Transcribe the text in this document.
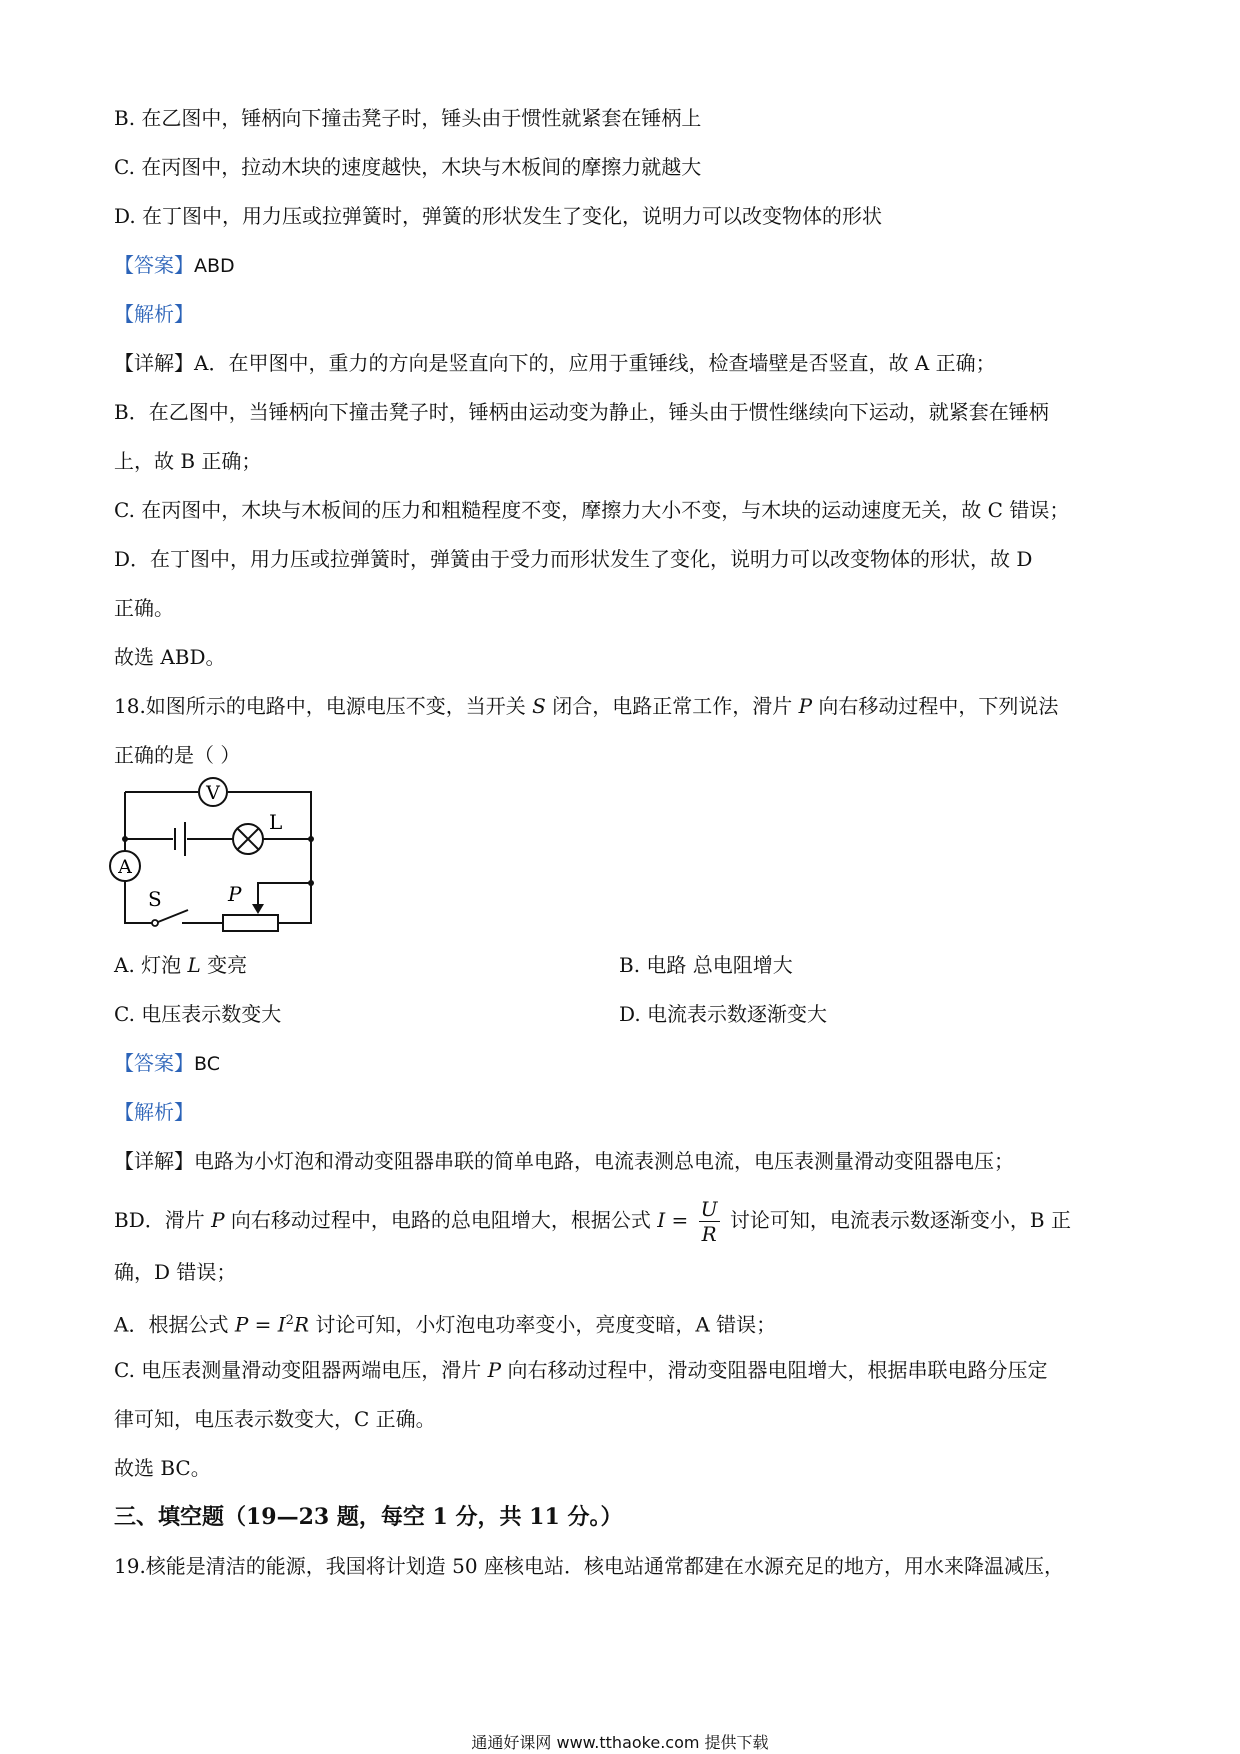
B. 在乙图中，锤柄向下撞击凳子时，锤头由于惯性就紧套在锤柄上
C. 在丙图中，拉动木块的速度越快，木块与木板间的摩擦力就越大
D. 在丁图中，用力压或拉弹簧时，弹簧的形状发生了变化，说明力可以改变物体的形状
【答案】ABD
【解析】
【详解】A．在甲图中，重力的方向是竖直向下的，应用于重锤线，检查墙壁是否竖直，故 A 正确；
B．在乙图中，当锤柄向下撞击凳子时，锤柄由运动变为静止，锤头由于惯性继续向下运动，就紧套在锤柄
上，故 B 正确；
C. 在丙图中，木块与木板间的压力和粗糙程度不变，摩擦力大小不变，与木块的运动速度无关，故 C 错误；
D．在丁图中，用力压或拉弹簧时，弹簧由于受力而形状发生了变化，说明力可以改变物体的形状，故 D
正确。
故选 ABD。
18.如图所示的电路中，电源电压不变，当开关 S 闭合，电路正常工作，滑片 P 向右移动过程中，下列说法
正确的是（ ）
V
L
A
S	P
A. 灯泡 L 变亮	B. 电路 总电阻增大
C. 电压表示数变大	D. 电流表示数逐渐变大
【答案】BC
【解析】
【详解】电路为小灯泡和滑动变阻器串联的简单电路，电流表测总电流，电压表测量滑动变阻器电压；
BD．滑片 P 向右移动过程中，电路的总电阻增大，根据公式 $I = \frac{U}{R}$ 讨论可知，电流表示数逐渐变小，B 正
确，D 错误；
A．根据公式 $P = I^2R$ 讨论可知，小灯泡电功率变小，亮度变暗，A 错误；
C. 电压表测量滑动变阻器两端电压，滑片 P 向右移动过程中，滑动变阻器电阻增大，根据串联电路分压定
律可知，电压表示数变大，C 正确。
故选 BC。
三、填空题（19—23 题，每空 1 分，共 11 分。）
19.核能是清洁的能源，我国将计划造 50 座核电站．核电站通常都建在水源充足的地方，用水来降温减压，
通通好课网 www.tthaoke.com 提供下载
